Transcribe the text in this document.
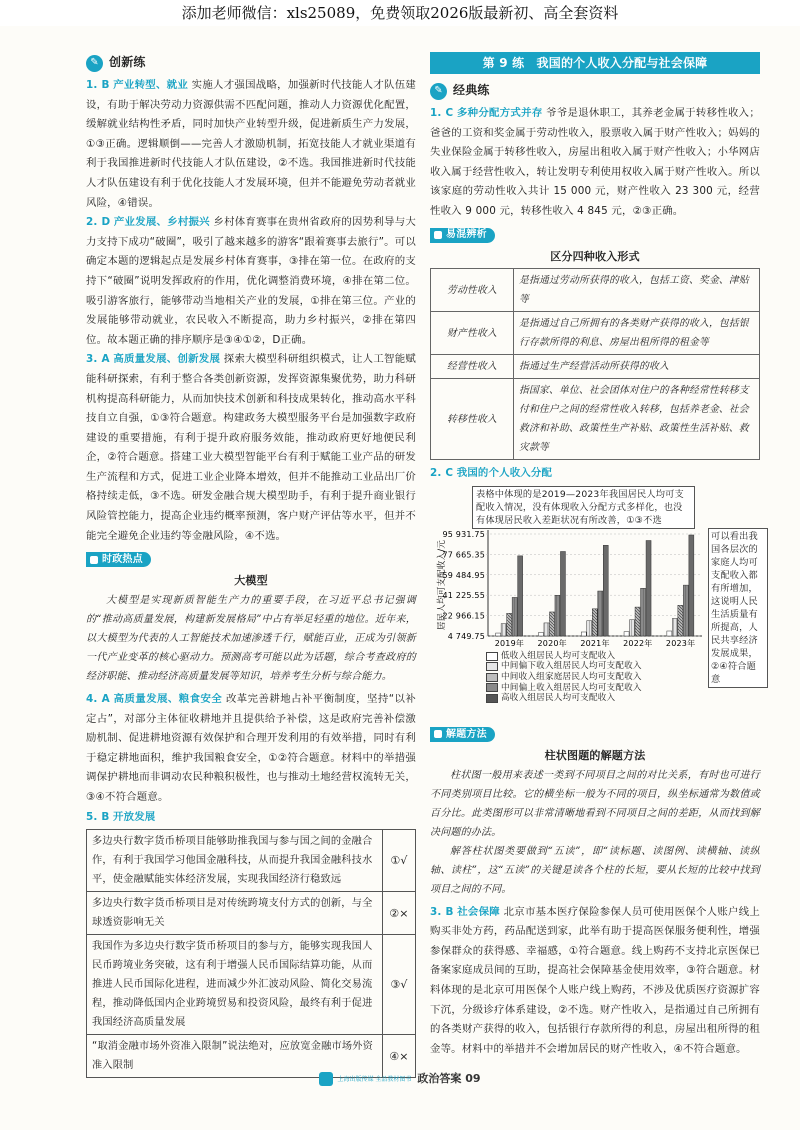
添加老师微信：xls25089，免费领取2026版最新初、高全套资料
✎ 创新练

1. B 产业转型、就业 实施人才强国战略，加强新时代技能人才队伍建设，有助于解决劳动力资源供需不匹配问题，推动人力资源优化配置，缓解就业结构性矛盾，同时加快产业转型升级，促进新质生产力发展，①③正确。逻辑顺倒——完善人才激励机制，拓宽技能人才就业渠道有利于我国推进新时代技能人才队伍建设，②不选。我国推进新时代技能人才队伍建设有利于优化技能人才发展环境，但并不能避免劳动者就业风险，④错误。

2. D 产业发展、乡村振兴 乡村体育赛事在贵州省政府的因势利导与大力支持下成功“破圈”，吸引了越来越多的游客“跟着赛事去旅行”。可以确定本题的逻辑起点是发展乡村体育赛事，③排在第一位。在政府的支持下“破圈”说明发挥政府的作用，优化调整消费环境，④排在第二位。吸引游客旅行，能够带动当地相关产业的发展，①排在第三位。产业的发展能够带动就业，农民收入不断提高，助力乡村振兴，②排在第四位。故本题正确的排序顺序是③④①②，D正确。

3. A 高质量发展、创新发展 探索大模型科研组织模式，让人工智能赋能科研探索，有利于整合各类创新资源，发挥资源集聚优势，助力科研机构提高科研能力，从而加快技术创新和科技成果转化，推动高水平科技自立自强，①③符合题意。构建政务大模型服务平台是加强数字政府建设的重要措施，有利于提升政府服务效能，推动政府更好地便民利企，②符合题意。搭建工业大模型智能平台有利于赋能工业产品的研发生产流程和方式，促进工业企业降本增效，但并不能推动工业品出厂价格持续走低，③不选。研发金融合规大模型助手，有利于提升商业银行风险管控能力，提高企业违约概率预测，客户财产评估等水平，但并不能完全避免企业违约等金融风险，④不选。

时政热点

大模型

大模型是实现新质智能生产力的重要手段，在习近平总书记强调的“推动高质量发展，构建新发展格局”中占有举足轻重的地位。近年来，以大模型为代表的人工智能技术加速渗透千行，赋能百业，正成为引领新一代产业变革的核心驱动力。预测高考可能以此为话题，综合考查政府的经济职能、推动经济高质量发展等知识，培养考生分析与综合能力。

4. A 高质量发展、粮食安全 改革完善耕地占补平衡制度，坚持“以补定占”，对部分主体征收耕地并且提供给予补偿，这是政府完善补偿激励机制、促进耕地资源有效保护和合理开发利用的有效举措，同时有利于稳定耕地面积，维护我国粮食安全，①②符合题意。材料中的举措强调保护耕地而非调动农民种粮积极性，也与推动土地经营权流转无关，③④不符合题意。

5. B 开放发展

多边央行数字货币桥项目能够助推我国与参与国之间的金融合作，有利于我国学习他国金融科技，从而提升我国金融科技水平，使金融赋能实体经济发展，实现我国经济行稳致远	①√
多边央行数字货币桥项目是对传统跨境支付方式的创新，与全球透资影响无关	②×
我国作为多边央行数字货币桥项目的参与方，能够实现我国人民币跨境业务突破，这有利于增强人民币国际结算功能，从而推进人民币国际化进程，进而减少外汇波动风险、简化交易流程，推动降低国内企业跨境贸易和投资风险，最终有利于促进我国经济高质量发展	③√
“取消金融市场外资准入限制”说法绝对，应放宽金融市场外资准入限制	④×
第 9 练　我国的个人收入分配与社会保障
✎ 经典练

1. C 多种分配方式并存 爷爷是退休职工，其养老金属于转移性收入；爸爸的工资和奖金属于劳动性收入，股票收入属于财产性收入；妈妈的失业保险金属于转移性收入，房屋出租收入属于财产性收入；小华网店收入属于经营性收入，转让发明专利使用权收入属于财产性收入。所以该家庭的劳动性收入共计 15 000 元，财产性收入 23 300 元，经营性收入 9 000 元，转移性收入 4 845 元，②③正确。

易混辨析

区分四种收入形式

劳动性收入	是指通过劳动所获得的收入，包括工资、奖金、津贴等
财产性收入	是指通过自己所拥有的各类财产获得的收入，包括银行存款所得的利息、房屋出租所得的租金等
经营性收入	指通过生产经营活动所获得的收入
转移性收入	指国家、单位、社会团体对住户的各种经常性转移支付和住户之间的经常性收入转移，包括养老金、社会救济和补助、政策性生产补贴、政策性生活补贴、救灾款等

2. C 我国的个人收入分配

居民人均可支配收入/元
4 749.75
22 966.15
41 225.55
59 484.95
77 665.35
95 931.75
2019年 2020年 2021年 2022年 2023年
表格中体现的是2019—2023年我国居民人均可支配收入情况，没有体现收入分配方式多样化，也没有体现居民收入差距状况有所改善，①③不选
可以看出我国各层次的家庭人均可支配收入都有所增加，这说明人民生活质量有所提高，人民共享经济发展成果，②④符合题意
低收入组居民人均可支配收入
中间偏下收入组居民人均可支配收入
中间收入组家庭居民人均可支配收入
中间偏上收入组居民人均可支配收入
高收入组居民人均可支配收入
解题方法

柱状图题的解题方法

柱状图一般用来表述一类到不同项目之间的对比关系，有时也可进行不同类别项目比较。它的横坐标一般为不同的项目，纵坐标通常为数值或百分比。此类图形可以非常清晰地看到不同项目之间的差距，从而找到解决问题的办法。

解答柱状图类要做到“五读”，即“读标题、读图例、读横轴、读纵轴、读柱”，这“五读”的关键是读各个柱的长短，要从长短的比较中找到项目之间的不同。

3. B 社会保障 北京市基本医疗保险参保人员可使用医保个人账户线上购买非处方药，药品配送到家，此举有助于提高医保服务便利性，增强参保群众的获得感、幸福感，①符合题意。线上购药不支持北京医保已备案家庭成员间的互助，提高社会保障基金使用效率，③符合题意。材料体现的是北京可用医保个人账户线上购药，不涉及优质医疗资源扩容下沉，分级诊疗体系建设，②不选。财产性收入，是指通过自己所拥有的各类财产获得的收入，包括银行存款所得的利息，房屋出租所得的租金等。材料中的举措并不会增加居民的财产性收入，④不符合题意。

上海出版传媒 全品教材图书 政治答案 09
